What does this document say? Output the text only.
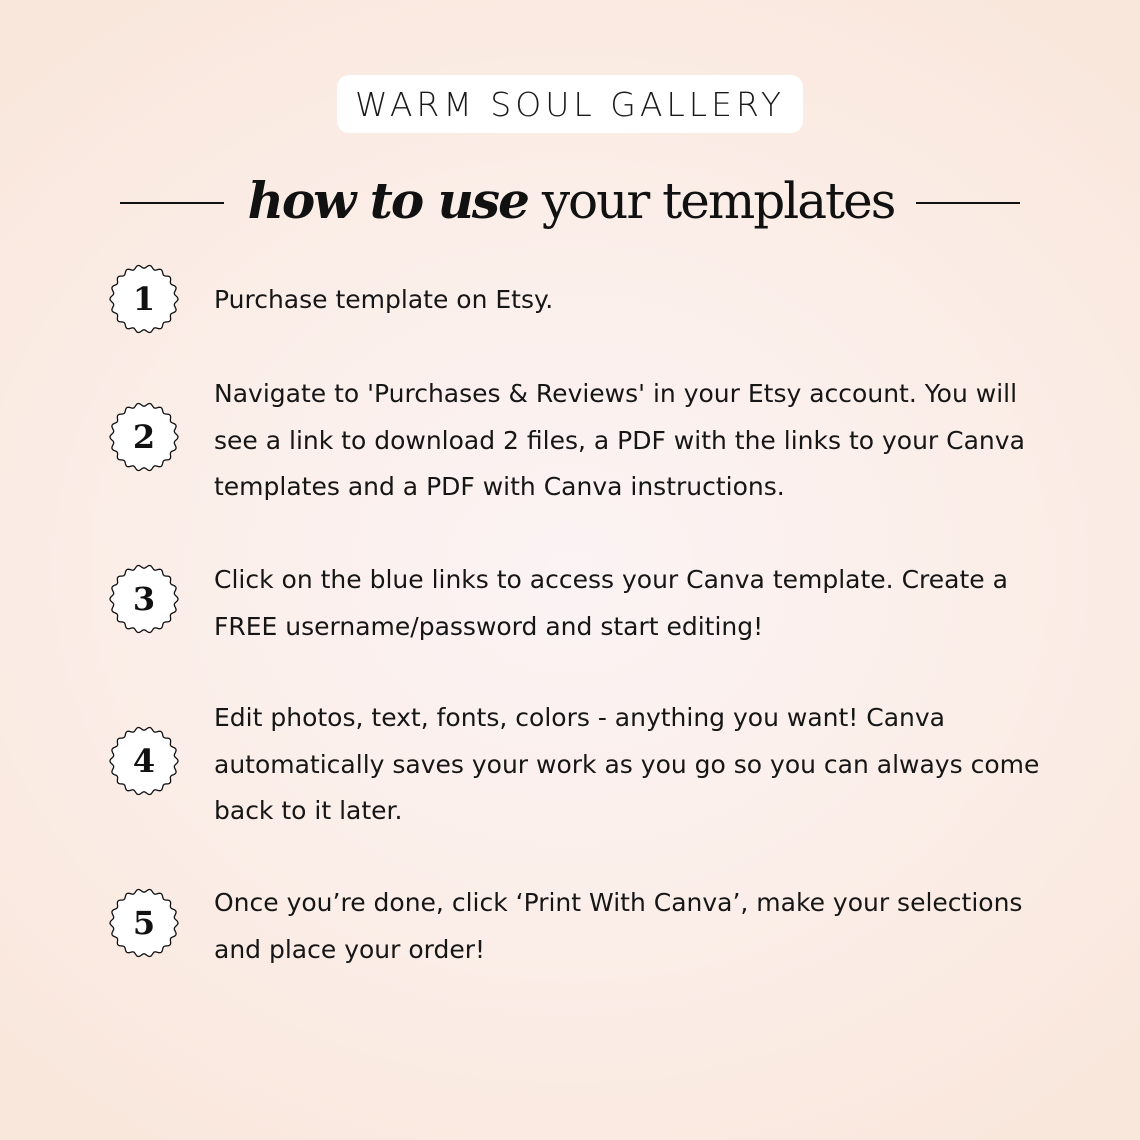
WARM SOUL GALLERY
how to use your templates
1	Purchase template on Etsy.

2

Navigate to 'Purchases & Reviews' in your Etsy account. You will see a link to download 2 files, a PDF with the links to your Canva templates and a PDF with Canva instructions.

3

Click on the blue links to access your Canva template. Create a FREE username/password and start editing!

4

Edit photos, text, fonts, colors - anything you want! Canva automatically saves your work as you go so you can always come back to it later.

5

Once you’re done, click ‘Print With Canva’, make your selections and place your order!
